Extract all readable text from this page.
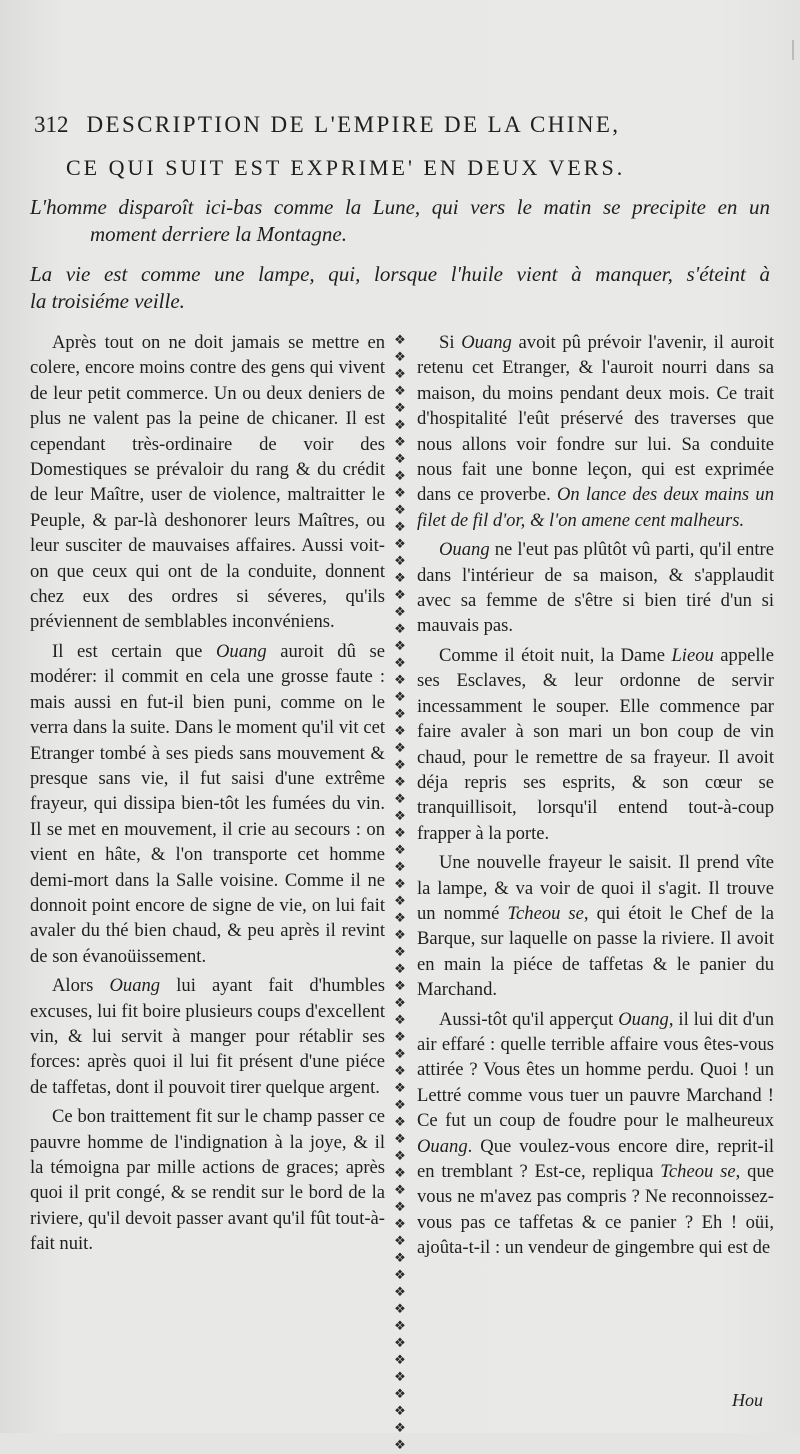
312 DESCRIPTION DE L'EMPIRE DE LA CHINE,
CE QUI SUIT EST EXPRIME' EN DEUX VERS.
L'homme disparoît ici-bas comme la Lune, qui vers le matin se precipite en un
moment derriere la Montagne.
La vie est comme une lampe, qui, lorsque l'huile vient à manquer, s'éteint à
la troisiéme veille.

Après tout on ne doit jamais se mettre en colere, encore moins contre des gens qui vivent de leur petit commerce. Un ou deux deniers de plus ne valent pas la peine de chicaner. Il est cependant très-ordinaire de voir des Domestiques se prévaloir du rang & du crédit de leur Maître, user de violence, maltraitter le Peuple, & par-là deshonorer leurs Maîtres, ou leur susciter de mauvaises affaires. Aussi voit-on que ceux qui ont de la conduite, donnent chez eux des ordres si séveres, qu'ils préviennent de semblables inconvéniens.

Il est certain que Ouang auroit dû se modérer: il commit en cela une grosse faute : mais aussi en fut-il bien puni, comme on le verra dans la suite. Dans le moment qu'il vit cet Etranger tombé à ses pieds sans mouvement & presque sans vie, il fut saisi d'une extrême frayeur, qui dissipa bien-tôt les fumées du vin. Il se met en mouvement, il crie au secours : on vient en hâte, & l'on transporte cet homme demi-mort dans la Salle voisine. Comme il ne donnoit point encore de signe de vie, on lui fait avaler du thé bien chaud, & peu après il revint de son évanoüissement.

Alors Ouang lui ayant fait d'humbles excuses, lui fit boire plusieurs coups d'excellent vin, & lui servit à manger pour rétablir ses forces: après quoi il lui fit présent d'une piéce de taffetas, dont il pouvoit tirer quelque argent.

Ce bon traittement fit sur le champ passer ce pauvre homme de l'indignation à la joye, & il la témoigna par mille actions de graces; après quoi il prit congé, & se rendit sur le bord de la riviere, qu'il devoit passer avant qu'il fût tout-à-fait nuit.

❖❖❖❖❖❖❖❖❖❖❖❖❖❖❖❖❖❖❖❖❖❖❖❖❖❖❖❖❖❖❖❖❖❖❖❖❖❖❖❖❖❖❖❖❖❖❖❖❖❖❖❖❖❖❖❖❖❖❖❖❖❖❖❖❖❖

Si Ouang avoit pû prévoir l'avenir, il auroit retenu cet Etranger, & l'auroit nourri dans sa maison, du moins pendant deux mois. Ce trait d'hospitalité l'eût préservé des traverses que nous allons voir fondre sur lui. Sa conduite nous fait une bonne leçon, qui est exprimée dans ce proverbe. On lance des deux mains un filet de fil d'or, & l'on amene cent malheurs.

Ouang ne l'eut pas plûtôt vû parti, qu'il entre dans l'intérieur de sa maison, & s'applaudit avec sa femme de s'être si bien tiré d'un si mauvais pas.

Comme il étoit nuit, la Dame Lieou appelle ses Esclaves, & leur ordonne de servir incessamment le souper. Elle commence par faire avaler à son mari un bon coup de vin chaud, pour le remettre de sa frayeur. Il avoit déja repris ses esprits, & son cœur se tranquillisoit, lorsqu'il entend tout-à-coup frapper à la porte.

Une nouvelle frayeur le saisit. Il prend vîte la lampe, & va voir de quoi il s'agit. Il trouve un nommé Tcheou se, qui étoit le Chef de la Barque, sur laquelle on passe la riviere. Il avoit en main la piéce de taffetas & le panier du Marchand.

Aussi-tôt qu'il apperçut Ouang, il lui dit d'un air effaré : quelle terrible affaire vous êtes-vous attirée ? Vous êtes un homme perdu. Quoi ! un Lettré comme vous tuer un pauvre Marchand ! Ce fut un coup de foudre pour le malheureux Ouang. Que voulez-vous encore dire, reprit-il en tremblant ? Est-ce, repliqua Tcheou se, que vous ne m'avez pas compris ? Ne reconnoissez-vous pas ce taffetas & ce panier ? Eh ! oüi, ajoûta-t-il : un vendeur de gingembre qui est de

Hou
